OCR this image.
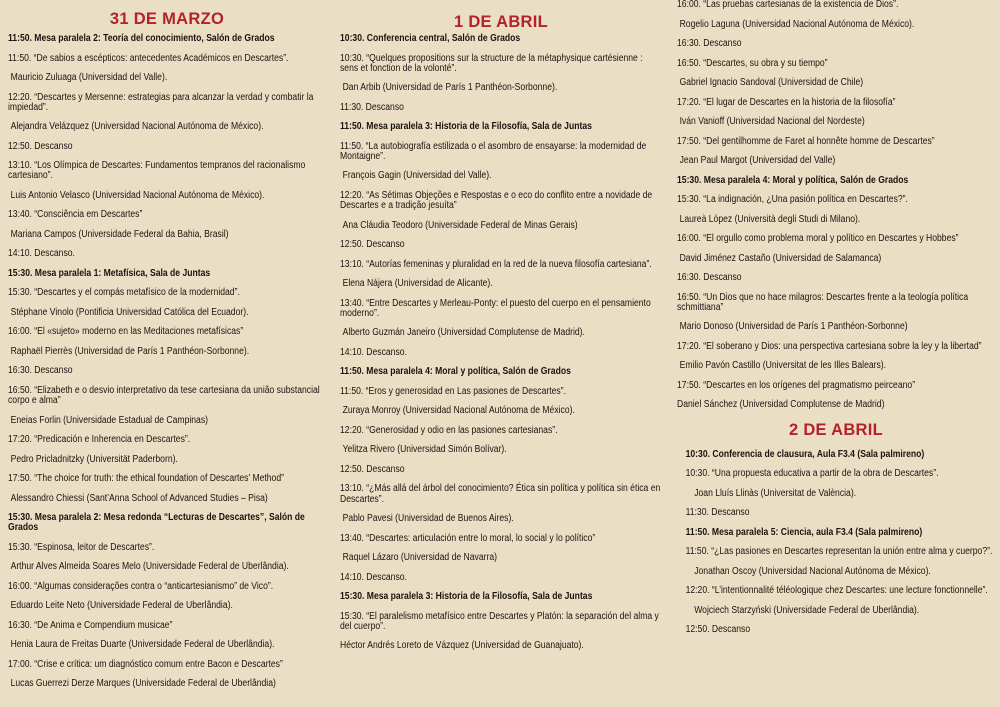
31 DE MARZO
11:50. Mesa paralela 2: Teoría del conocimiento, Salón de Grados
11:50. “De sabios a escépticos: antecedentes Académicos en Descartes”.
Mauricio Zuluaga (Universidad del Valle).
12:20. “Descartes y Mersenne: estrategias para alcanzar la verdad y combatir la impiedad”.
Alejandra Velázquez (Universidad Nacional Autónoma de México).
12:50. Descanso
13:10. “Los Olímpica de Descartes: Fundamentos tempranos del racionalismo cartesiano”.
Luis Antonio Velasco (Universidad Nacional Autónoma de México).
13:40. “Consciência em Descartes”
Mariana Campos (Universidade Federal da Bahia, Brasil)
14:10. Descanso.
15:30. Mesa paralela 1: Metafísica, Sala de Juntas
15:30. “Descartes y el compás metafísico de la modernidad”.
Stéphane Vinolo (Pontificia Universidad Católica del Ecuador).
16:00. “El «sujeto» moderno en las Meditaciones metafísicas”
Raphaël Pierrès (Universidad de París 1 Panthéon-Sorbonne).
16:30. Descanso
16:50. “Elizabeth e o desvio interpretativo da tese cartesiana da união substancial corpo e alma”
Eneias Forlin (Universidade Estadual de Campinas)
17:20. “Predicación e Inherencia en Descartes”.
Pedro Pricladnitzky (Universität Paderborn).
17:50. “The choice for truth: the ethical foundation of Descartes’ Method”
Alessandro Chiessi (Sant’Anna School of Advanced Studies – Pisa)
15:30. Mesa paralela 2: Mesa redonda “Lecturas de Descartes”, Salón de Grados
15:30. “Espinosa, leitor de Descartes”.
Arthur Alves Almeida Soares Melo (Universidade Federal de Uberlândia).
16:00. “Algumas considerações contra o “anticartesianismo” de Vico”.
Eduardo Leite Neto (Universidade Federal de Uberlândia).
16:30. “De Anima e Compendium musicae”
Henia Laura de Freitas Duarte (Universidade Federal de Uberlândia).
17:00. “Crise e crítica: um diagnóstico comum entre Bacon e Descartes”
Lucas Guerrezi Derze Marques (Universidade Federal de Uberlândia)
1 DE ABRIL
10:30. Conferencia central, Salón de Grados
10:30. “Quelques propositions sur la structure de la métaphysique cartésienne : sens et fonction de la volonté”.
Dan Arbib (Universidad de París 1 Panthéon-Sorbonne).
11:30. Descanso
11:50. Mesa paralela 3: Historia de la Filosofía, Sala de Juntas
11:50. “La autobiografía estilizada o el asombro de ensayarse: la modernidad de Montaigne”.
François Gagin (Universidad del Valle).
12:20. “As Sétimas Objeções e Respostas e o eco do conflito entre a novidade de Descartes e a tradição jesuíta”
Ana Cláudia Teodoro (Universidade Federal de Minas Gerais)
12:50. Descanso
13:10. “Autorías femeninas y pluralidad en la red de la nueva filosofía cartesiana”.
Elena Nájera (Universidad de Alicante).
13:40. “Entre Descartes y Merleau-Ponty: el puesto del cuerpo en el pensamiento moderno”.
Alberto Guzmán Janeiro (Universidad Complutense de Madrid).
14:10. Descanso.
11:50. Mesa paralela 4: Moral y política, Salón de Grados
11:50. “Eros y generosidad en Las pasiones de Descartes”.
Zuraya Monroy (Universidad Nacional Autónoma de México).
12:20. “Generosidad y odio en las pasiones cartesianas”.
Yelitza Rivero (Universidad Simón Bolívar).
12:50. Descanso
13:10. “¿Más allá del árbol del conocimiento? Ética sin política y política sin ética en Descartes”.
Pablo Pavesi (Universidad de Buenos Aires).
13:40. “Descartes: articulación entre lo moral, lo social y lo político”
Raquel Lázaro (Universidad de Navarra)
14:10. Descanso.
15:30. Mesa paralela 3: Historia de la Filosofía, Sala de Juntas
15:30. “El paralelismo metafísico entre Descartes y Platón: la separación del alma y del cuerpo”.
Héctor Andrés Loreto de Vázquez (Universidad de Guanajuato).
16:00. “Las pruebas cartesianas de la existencia de Dios”.
Rogelio Laguna (Universidad Nacional Autónoma de México).
16:30. Descanso
16:50. “Descartes, su obra y su tiempo”
Gabriel Ignacio Sandoval (Universidad de Chile)
17:20. “El lugar de Descartes en la historia de la filosofía”
Iván Vanioff (Universidad Nacional del Nordeste)
17:50. “Del gentilhomme de Faret al honnête homme de Descartes”
Jean Paul Margot (Universidad del Valle)
15:30. Mesa paralela 4: Moral y política, Salón de Grados
15:30. “La indignación, ¿Una pasión política en Descartes?”.
Laureà López (Università degli Studi di Milano).
16:00. “El orgullo como problema moral y político en Descartes y Hobbes”
David Jiménez Castaño (Universidad de Salamanca)
16:30. Descanso
16:50. “Un Dios que no hace milagros: Descartes frente a la teología política schmittiana”
Mario Donoso (Universidad de París 1 Panthéon-Sorbonne)
17:20. “El soberano y Dios: una perspectiva cartesiana sobre la ley y la libertad”
Emilio Pavón Castillo (Universitat de les Illes Balears).
17:50. “Descartes en los orígenes del pragmatismo peirceano”
Daniel Sánchez (Universidad Complutense de Madrid)
2 DE ABRIL
10:30. Conferencia de clausura, Aula F3.4 (Sala palmireno)
10:30. “Una propuesta educativa a partir de la obra de Descartes”.
Joan Lluís Llinàs (Universitat de València).
11:30. Descanso
11:50. Mesa paralela 5: Ciencia, aula F3.4 (Sala palmireno)
11:50. “¿Las pasiones en Descartes representan la unión entre alma y cuerpo?”.
Jonathan Oscoy (Universidad Nacional Autónoma de México).
12:20. “L’intentionnalité téléologique chez Descartes: une lecture fonctionnelle”.
Wojciech Starzyński (Universidade Federal de Uberlândia).
12:50. Descanso
